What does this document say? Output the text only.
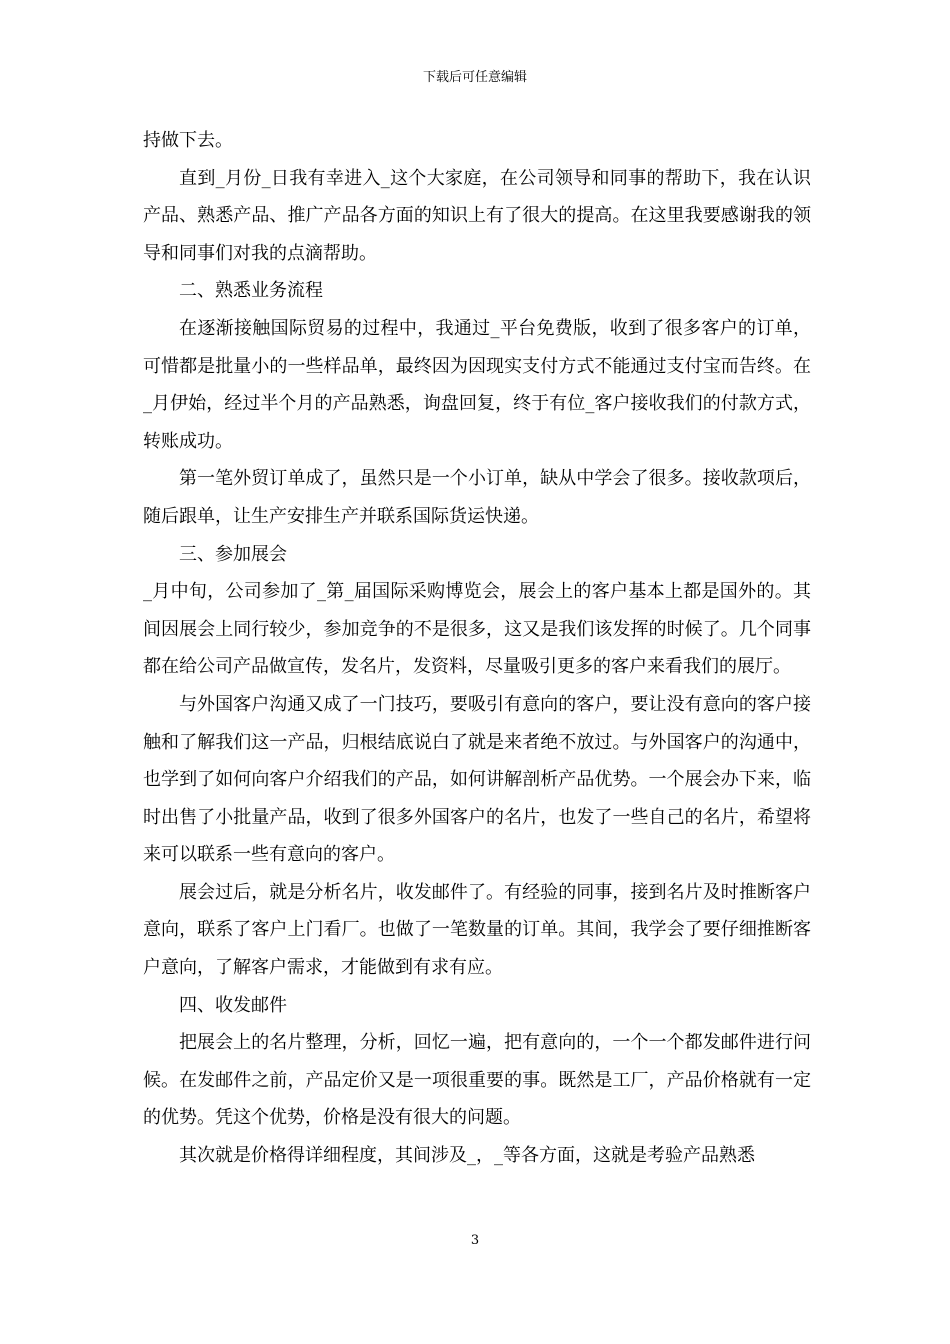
下载后可任意编辑

持做下去。

直到_月份_日我有幸进入_这个大家庭，在公司领导和同事的帮助下，我在认识产品、熟悉产品、推广产品各方面的知识上有了很大的提高。在这里我要感谢我的领导和同事们对我的点滴帮助。

二、熟悉业务流程

在逐渐接触国际贸易的过程中，我通过_平台免费版，收到了很多客户的订单，可惜都是批量小的一些样品单，最终因为因现实支付方式不能通过支付宝而告终。在_月伊始，经过半个月的产品熟悉，询盘回复，终于有位_客户接收我们的付款方式，转账成功。

第一笔外贸订单成了，虽然只是一个小订单，缺从中学会了很多。接收款项后，随后跟单，让生产安排生产并联系国际货运快递。

三、参加展会

_月中旬，公司参加了_第_届国际采购博览会，展会上的客户基本上都是国外的。其间因展会上同行较少，参加竞争的不是很多，这又是我们该发挥的时候了。几个同事都在给公司产品做宣传，发名片，发资料，尽量吸引更多的客户来看我们的展厅。

与外国客户沟通又成了一门技巧，要吸引有意向的客户，要让没有意向的客户接触和了解我们这一产品，归根结底说白了就是来者绝不放过。与外国客户的沟通中，也学到了如何向客户介绍我们的产品，如何讲解剖析产品优势。一个展会办下来，临时出售了小批量产品，收到了很多外国客户的名片，也发了一些自己的名片，希望将来可以联系一些有意向的客户。

展会过后，就是分析名片，收发邮件了。有经验的同事，接到名片及时推断客户意向，联系了客户上门看厂。也做了一笔数量的订单。其间，我学会了要仔细推断客户意向，了解客户需求，才能做到有求有应。

四、收发邮件

把展会上的名片整理，分析，回忆一遍，把有意向的，一个一个都发邮件进行问候。在发邮件之前，产品定价又是一项很重要的事。既然是工厂，产品价格就有一定的优势。凭这个优势，价格是没有很大的问题。

其次就是价格得详细程度，其间涉及_，_等各方面，这就是考验产品熟悉

3
